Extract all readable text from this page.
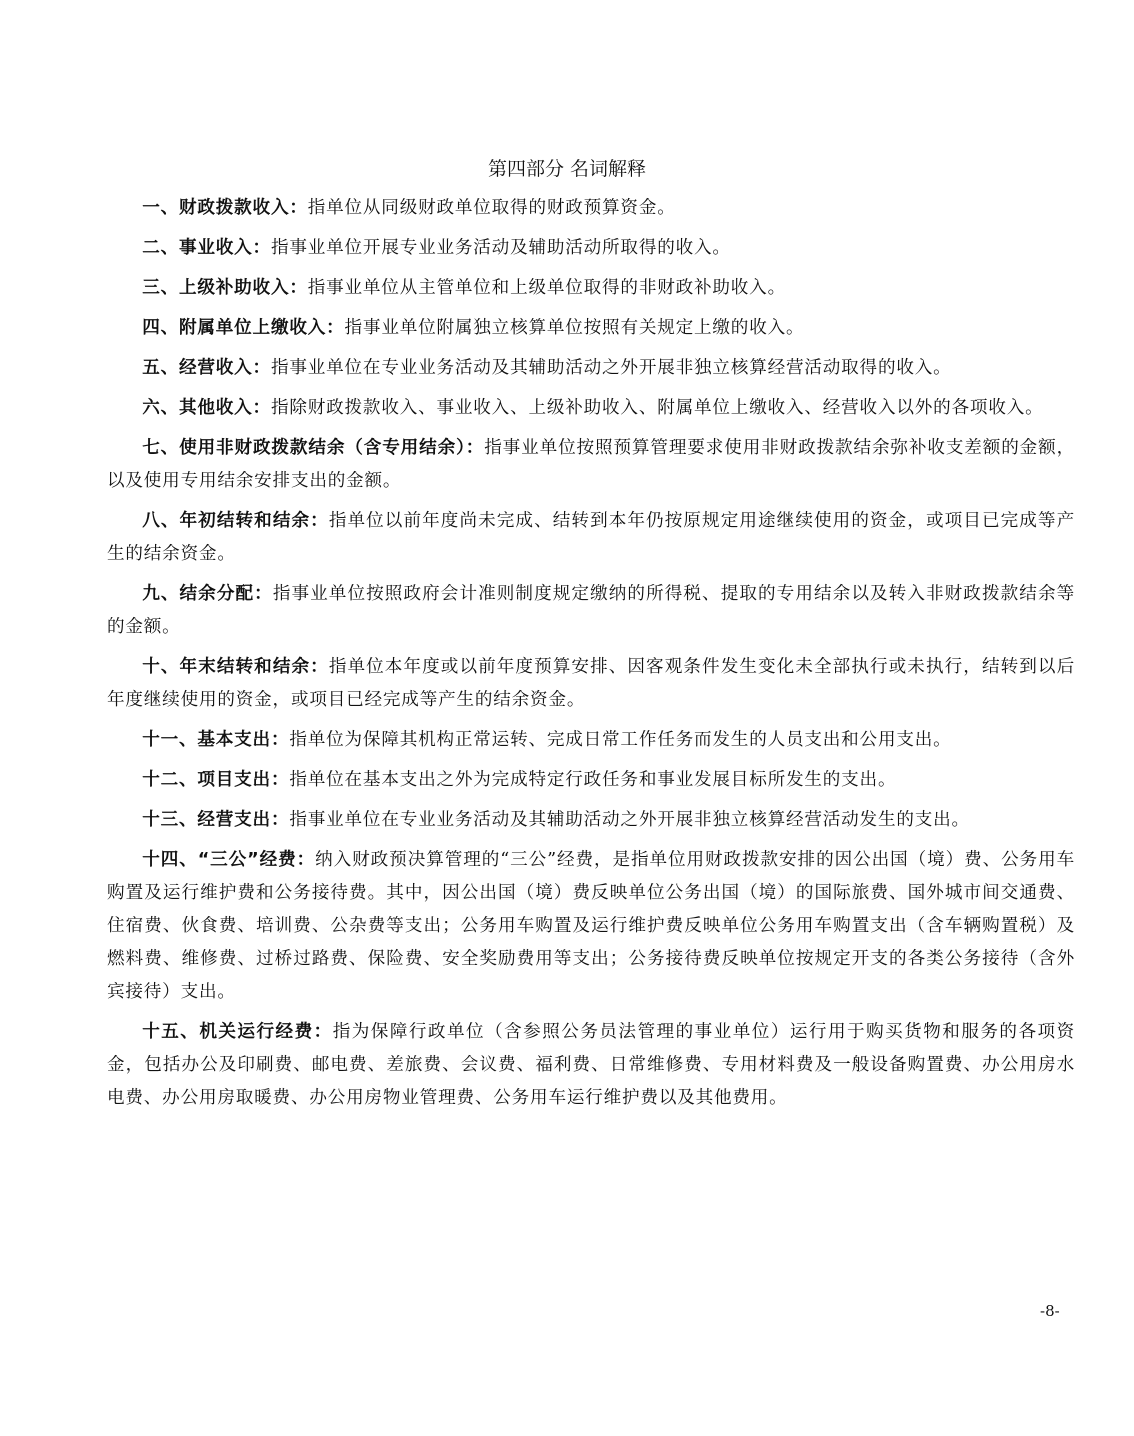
第四部分 名词解释

一、财政拨款收入：指单位从同级财政单位取得的财政预算资金。

二、事业收入：指事业单位开展专业业务活动及辅助活动所取得的收入。

三、上级补助收入：指事业单位从主管单位和上级单位取得的非财政补助收入。

四、附属单位上缴收入：指事业单位附属独立核算单位按照有关规定上缴的收入。

五、经营收入：指事业单位在专业业务活动及其辅助活动之外开展非独立核算经营活动取得的收入。

六、其他收入：指除财政拨款收入、事业收入、上级补助收入、附属单位上缴收入、经营收入以外的各项收入。

七、使用非财政拨款结余（含专用结余）：指事业单位按照预算管理要求使用非财政拨款结余弥补收支差额的金额，以及使用专用结余安排支出的金额。

八、年初结转和结余：指单位以前年度尚未完成、结转到本年仍按原规定用途继续使用的资金，或项目已完成等产生的结余资金。

九、结余分配：指事业单位按照政府会计准则制度规定缴纳的所得税、提取的专用结余以及转入非财政拨款结余等的金额。

十、年末结转和结余：指单位本年度或以前年度预算安排、因客观条件发生变化未全部执行或未执行，结转到以后年度继续使用的资金，或项目已经完成等产生的结余资金。

十一、基本支出：指单位为保障其机构正常运转、完成日常工作任务而发生的人员支出和公用支出。

十二、项目支出：指单位在基本支出之外为完成特定行政任务和事业发展目标所发生的支出。

十三、经营支出：指事业单位在专业业务活动及其辅助活动之外开展非独立核算经营活动发生的支出。

十四、“三公”经费：纳入财政预决算管理的“三公”经费，是指单位用财政拨款安排的因公出国（境）费、公务用车购置及运行维护费和公务接待费。其中，因公出国（境）费反映单位公务出国（境）的国际旅费、国外城市间交通费、住宿费、伙食费、培训费、公杂费等支出；公务用车购置及运行维护费反映单位公务用车购置支出（含车辆购置税）及燃料费、维修费、过桥过路费、保险费、安全奖励费用等支出；公务接待费反映单位按规定开支的各类公务接待（含外宾接待）支出。

十五、机关运行经费：指为保障行政单位（含参照公务员法管理的事业单位）运行用于购买货物和服务的各项资金，包括办公及印刷费、邮电费、差旅费、会议费、福利费、日常维修费、专用材料费及一般设备购置费、办公用房水电费、办公用房取暖费、办公用房物业管理费、公务用车运行维护费以及其他费用。

-8-
